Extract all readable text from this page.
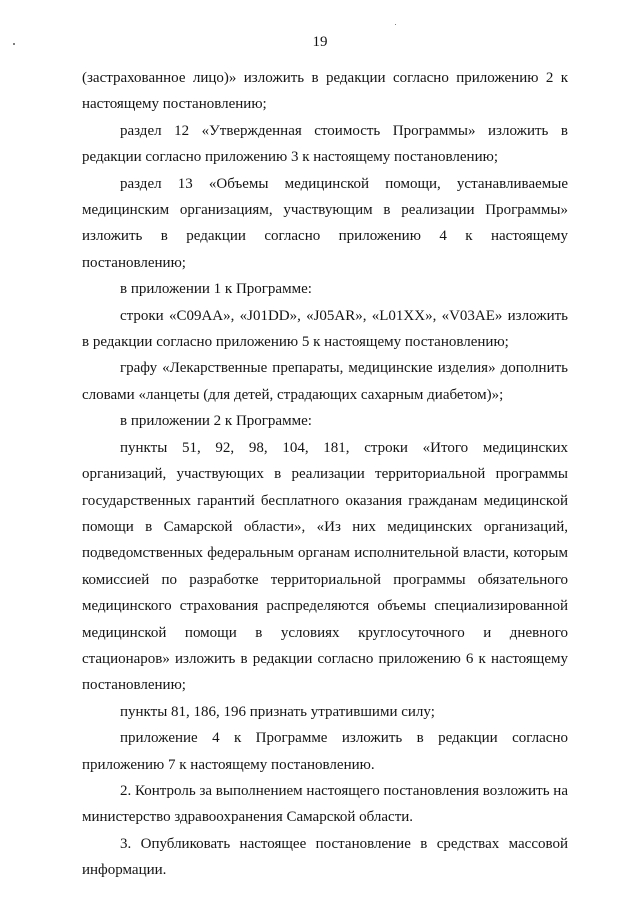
19

(застрахованное лицо)» изложить в редакции согласно приложению 2 к настоящему постановлению;

раздел 12 «Утвержденная стоимость Программы» изложить в редакции согласно приложению 3 к настоящему постановлению;

раздел 13 «Объемы медицинской помощи, устанавливаемые медицинским организациям, участвующим в реализации Программы» изложить в редакции согласно приложению 4 к настоящему постановлению;

в приложении 1 к Программе:

строки «C09AA», «J01DD», «J05AR», «L01XX», «V03AE» изложить в редакции согласно приложению 5 к настоящему постановлению;

графу «Лекарственные препараты, медицинские изделия» дополнить словами «ланцеты (для детей, страдающих сахарным диабетом)»;

в приложении 2 к Программе:

пункты 51, 92, 98, 104, 181, строки «Итого медицинских организаций, участвующих в реализации территориальной программы государственных гарантий бесплатного оказания гражданам медицинской помощи в Самарской области», «Из них медицинских организаций, подведомственных федеральным органам исполнительной власти, которым комиссией по разработке территориальной программы обязательного медицинского страхования распределяются объемы специализированной медицинской помощи в условиях круглосуточного и дневного стационаров» изложить в редакции согласно приложению 6 к настоящему постановлению;

пункты 81, 186, 196 признать утратившими силу;

приложение 4 к Программе изложить в редакции согласно приложению 7 к настоящему постановлению.

2. Контроль за выполнением настоящего постановления возложить на министерство здравоохранения Самарской области.

3. Опубликовать настоящее постановление в средствах массовой информации.
